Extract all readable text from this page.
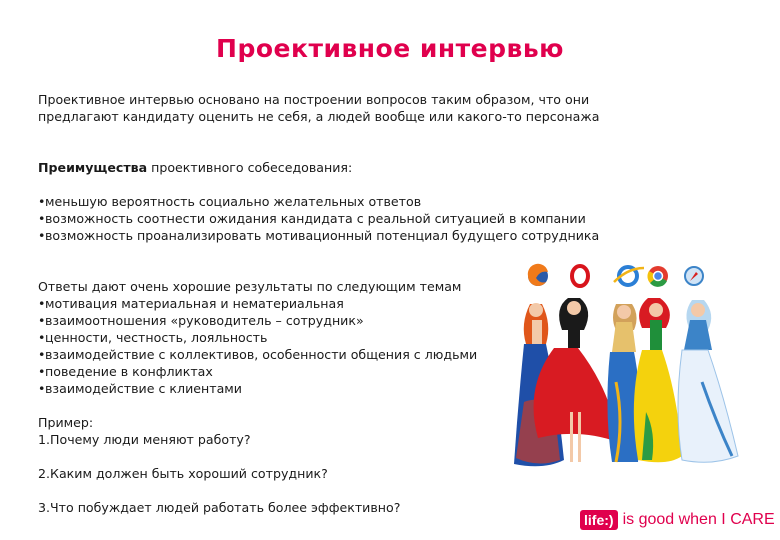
Проективное интервью

Проективное интервью основано на построении вопросов таким образом, что они

предлагают кандидату оценить не себя, а людей вообще или какого-то персонажа

Преимущества проективного собеседования:

•меньшую вероятность социально желательных ответов
•возможность соотнести ожидания кандидата с реальной ситуацией в компании
•возможность проанализировать мотивационный потенциал будущего сотрудника

Ответы дают очень хорошие результаты по следующим темам

•мотивация материальная и нематериальная
•взаимоотношения «руководитель – сотрудник»
•ценности, честность, лояльность
•взаимодействие с коллективов, особенности общения с людьми
•поведение в конфликтах
•взаимодействие с клиентами

Пример:

1.Почему люди меняют работу?

2.Каким должен быть хороший сотрудник?

3.Что побуждает людей работать более эффективно?

life:) is good when I CARE
